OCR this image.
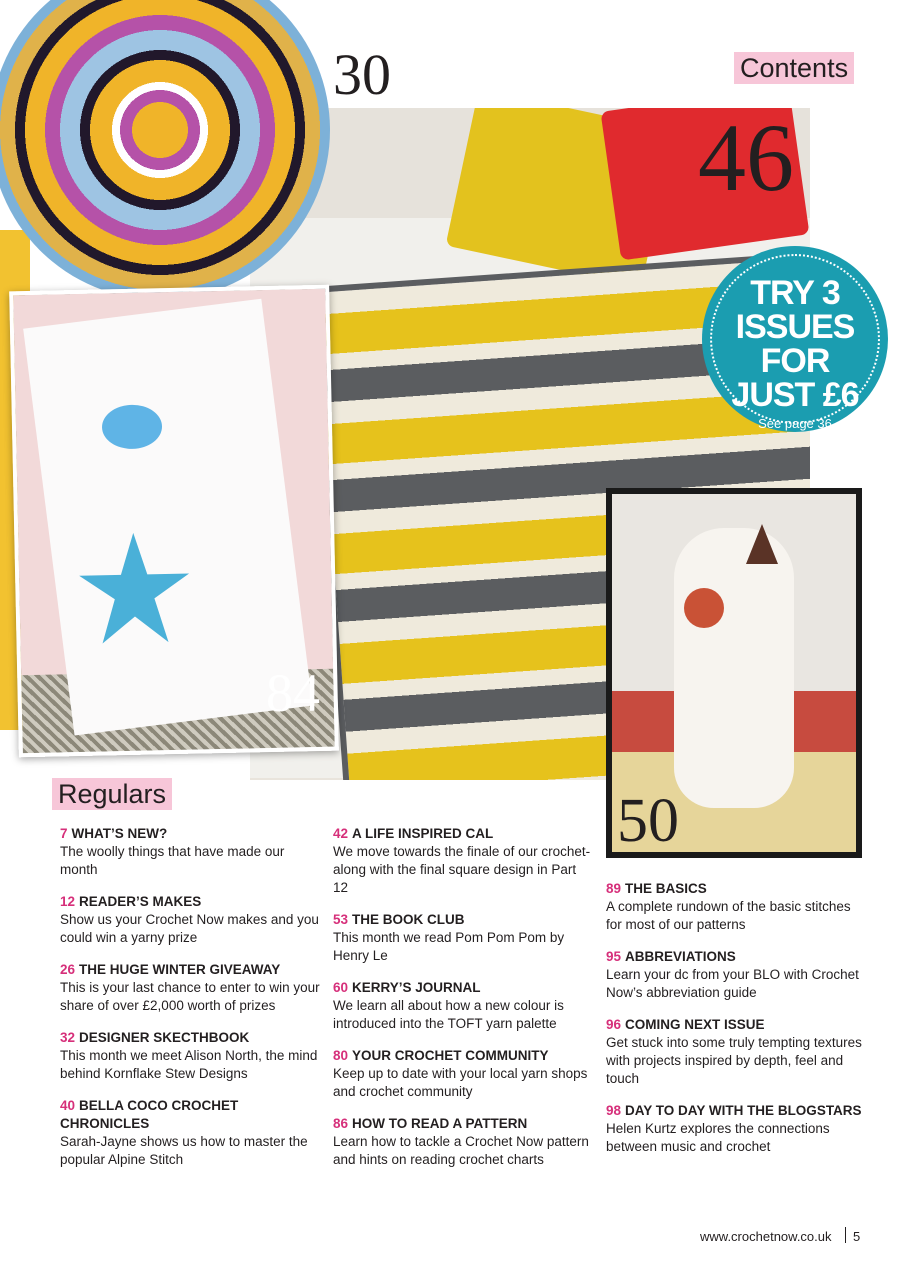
30
46
84
50
Contents
TRY 3
ISSUES FOR
JUST £6
See page 36
Regulars
7 WHAT’S NEW?
The woolly things that have made our month
12 READER’S MAKES
Show us your Crochet Now makes and you could win a yarny prize
26 THE HUGE WINTER GIVEAWAY
This is your last chance to enter to win your share of over £2,000 worth of prizes
32 DESIGNER SKECTHBOOK
This month we meet Alison North, the mind behind Kornflake Stew Designs
40 BELLA COCO CROCHET CHRONICLES
Sarah-Jayne shows us how to master the popular Alpine Stitch
42 A LIFE INSPIRED CAL
We move towards the finale of our crochet-along with the final square design in Part 12
53 THE BOOK CLUB
This month we read Pom Pom Pom by Henry Le
60 KERRY’S JOURNAL
We learn all about how a new colour is introduced into the TOFT yarn palette
80 YOUR CROCHET COMMUNITY
Keep up to date with your local yarn shops and crochet community
86 HOW TO READ A PATTERN
Learn how to tackle a Crochet Now pattern and hints on reading crochet charts
89 THE BASICS
A complete rundown of the basic stitches for most of our patterns
95 ABBREVIATIONS
Learn your dc from your BLO with Crochet Now’s abbreviation guide
96 COMING NEXT ISSUE
Get stuck into some truly tempting textures with projects inspired by depth, feel and touch
98 DAY TO DAY WITH THE BLOGSTARS
Helen Kurtz explores the connections between music and crochet
www.crochetnow.co.uk 5
